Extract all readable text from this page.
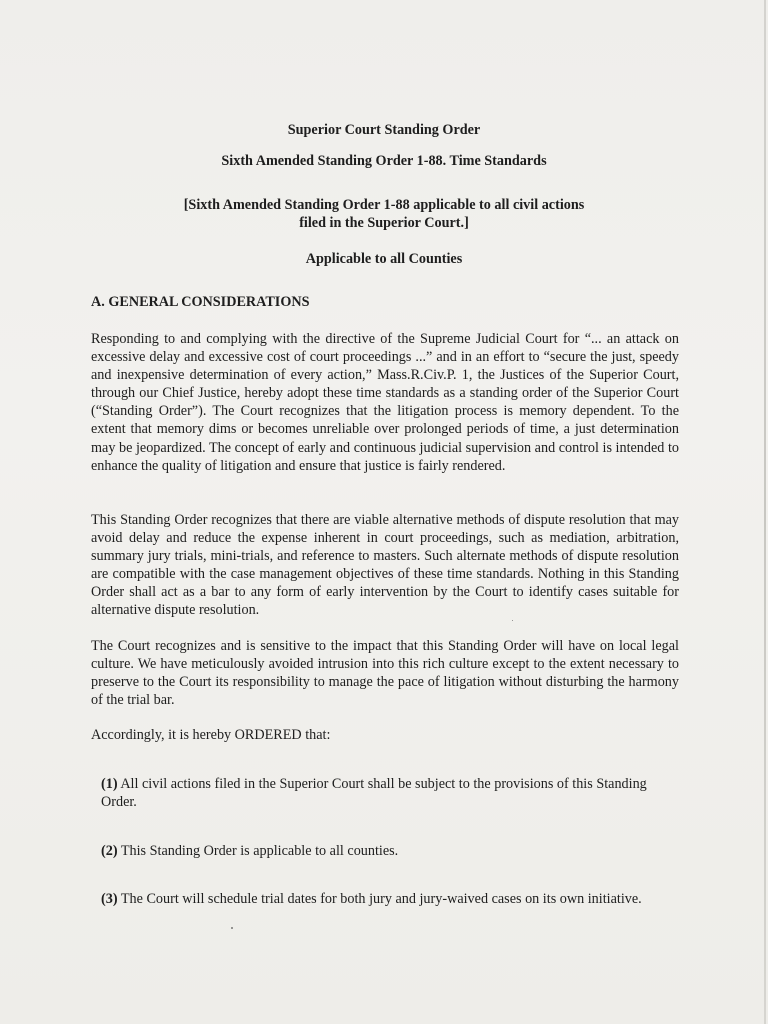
Superior Court Standing Order
Sixth Amended Standing Order 1-88. Time Standards
[Sixth Amended Standing Order 1-88 applicable to all civil actions
filed in the Superior Court.]
Applicable to all Counties
A. GENERAL CONSIDERATIONS

Responding to and complying with the directive of the Supreme Judicial Court for “... an attack on excessive delay and excessive cost of court proceedings ...” and in an effort to “secure the just, speedy and inexpensive determination of every action,” Mass.R.Civ.P. 1, the Justices of the Superior Court, through our Chief Justice, hereby adopt these time standards as a standing order of the Superior Court (“Standing Order”). The Court recognizes that the litigation process is memory dependent. To the extent that memory dims or becomes unreliable over prolonged periods of time, a just determination may be jeopardized. The concept of early and continuous judicial supervision and control is intended to enhance the quality of litigation and ensure that justice is fairly rendered.

This Standing Order recognizes that there are viable alternative methods of dispute resolution that may avoid delay and reduce the expense inherent in court proceedings, such as mediation, arbitration, summary jury trials, mini-trials, and reference to masters. Such alternate methods of dispute resolution are compatible with the case management objectives of these time standards. Nothing in this Standing Order shall act as a bar to any form of early intervention by the Court to identify cases suitable for alternative dispute resolution.

The Court recognizes and is sensitive to the impact that this Standing Order will have on local legal culture. We have meticulously avoided intrusion into this rich culture except to the extent necessary to preserve to the Court its responsibility to manage the pace of litigation without disturbing the harmony of the trial bar.

Accordingly, it is hereby ORDERED that:

(1) All civil actions filed in the Superior Court shall be subject to the provisions of this Standing Order.

(2) This Standing Order is applicable to all counties.

(3) The Court will schedule trial dates for both jury and jury-waived cases on its own initiative.
